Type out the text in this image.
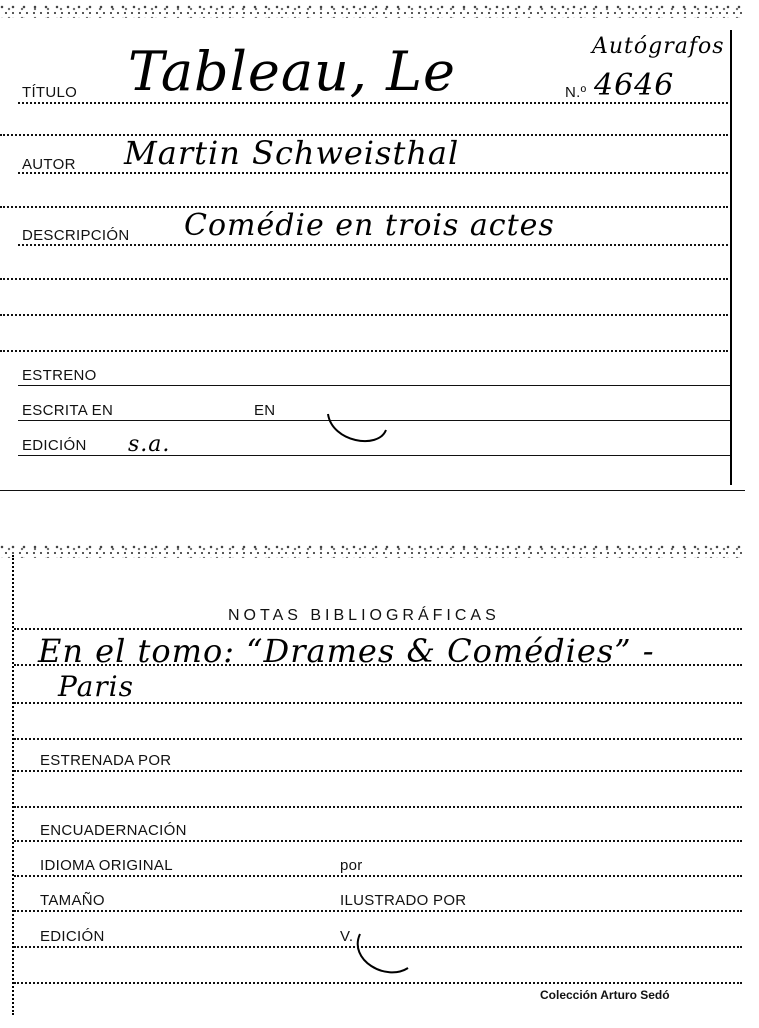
Autógrafos
TÍTULO Tableau, Le	N.º 4646
AUTOR Martin Schweisthal
DESCRIPCIÓN Comédie en trois actes
ESTRENO
ESCRITA EN	EN
EDICIÓN s.a.
NOTAS BIBLIOGRÁFICAS
En el tomo: “Drames & Comédies” -
Paris
ESTRENADA POR
ENCUADERNACIÓN
IDIOMA ORIGINAL	por
TAMAÑO	ILUSTRADO POR
EDICIÓN	V.
Colección Arturo Sedó
